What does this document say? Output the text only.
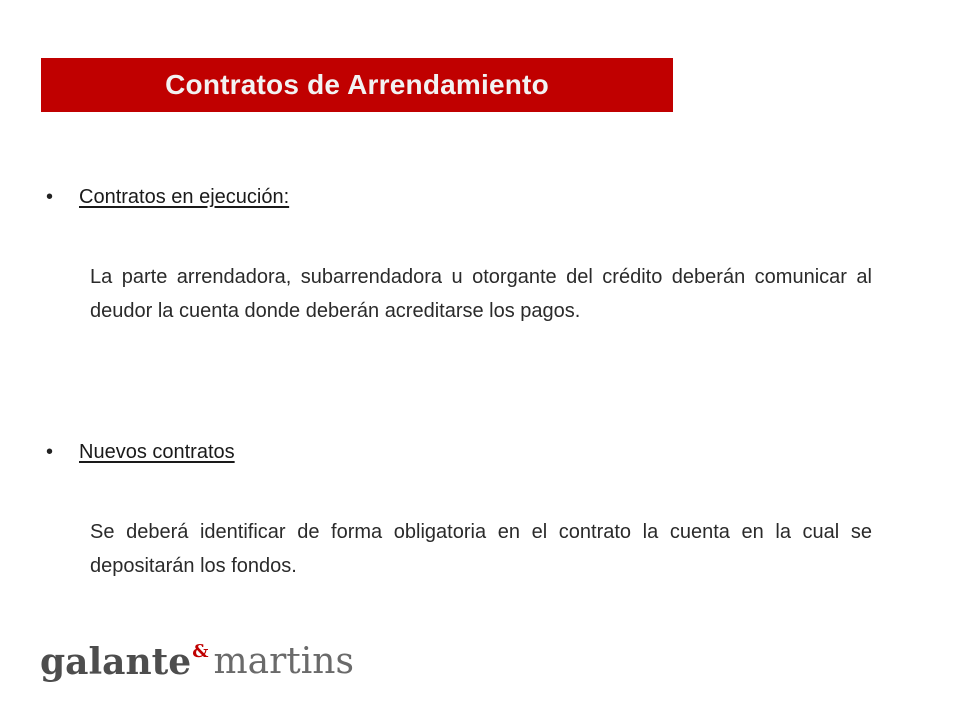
Contratos de Arrendamiento
•	Contratos en ejecución:
La parte arrendadora, subarrendadora u otorgante del crédito deberán comunicar al deudor la cuenta donde deberán acreditarse los pagos.
•	Nuevos contratos
Se deberá identificar de forma obligatoria en el contrato la cuenta en la cual se depositarán los fondos.
galante & martins
